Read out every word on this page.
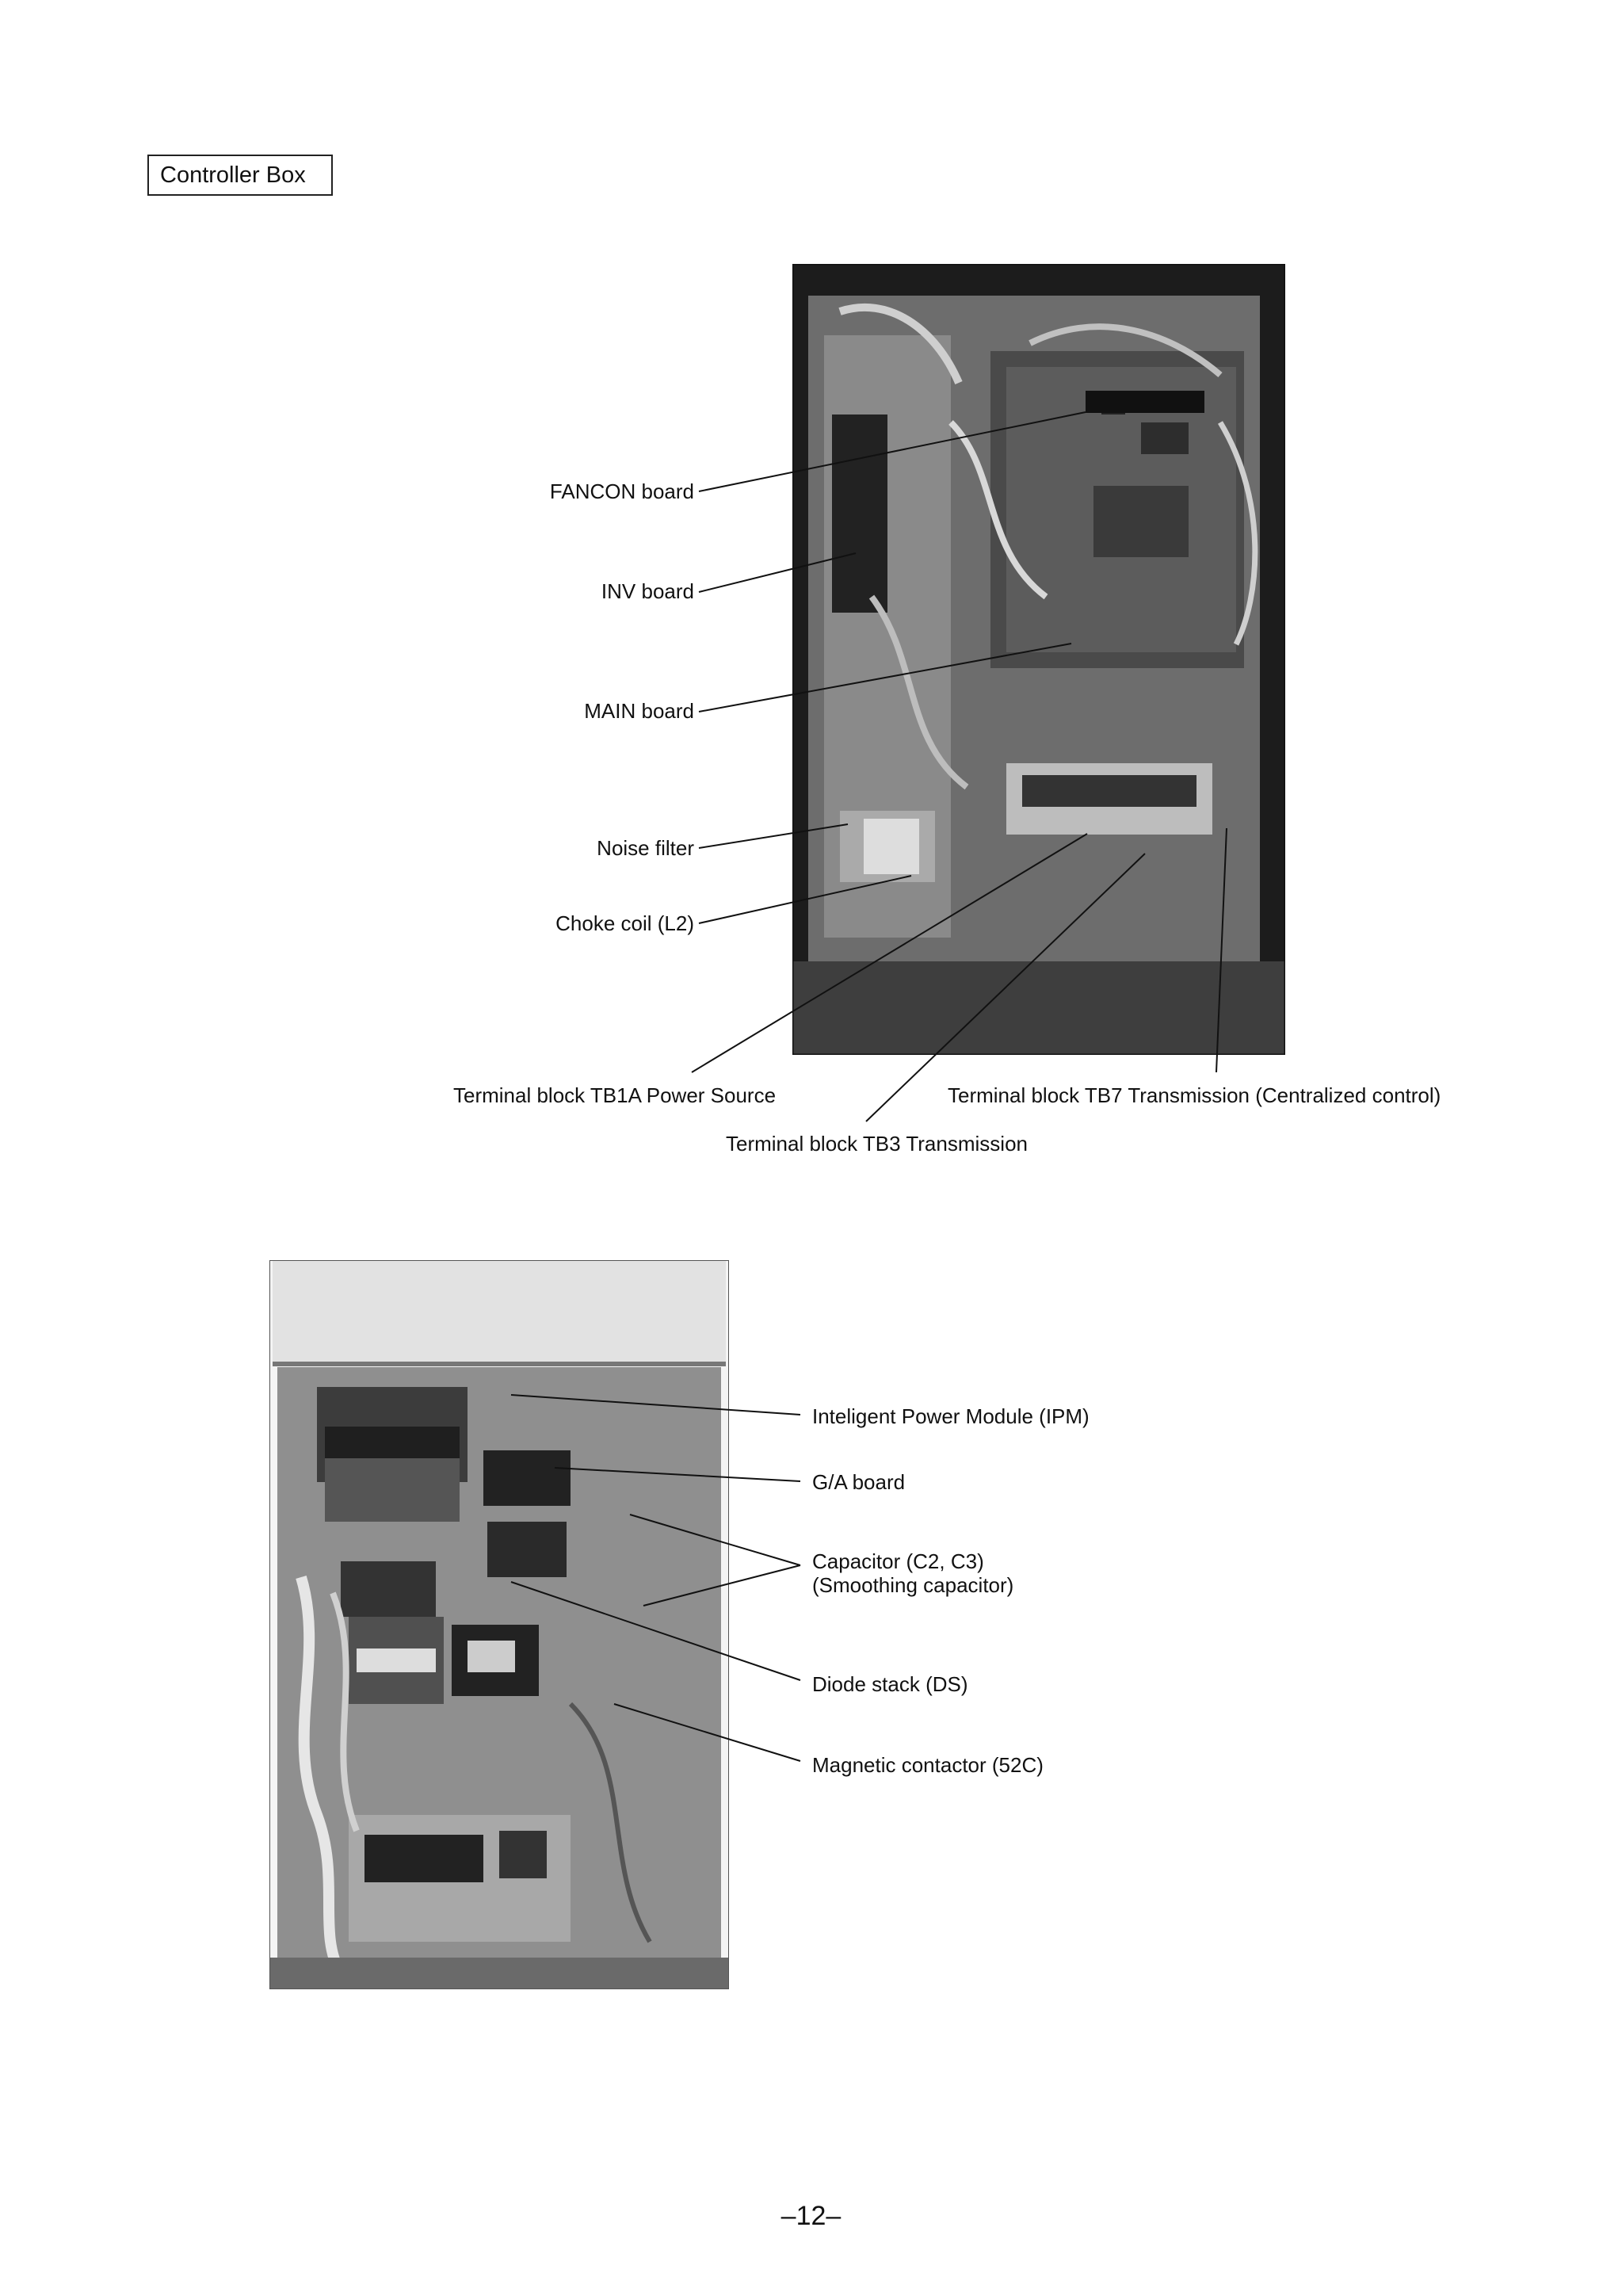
Controller Box
FANCON board
INV board
MAIN board
Noise filter
Choke coil (L2)
Terminal block TB1A Power Source	Terminal block TB7 Transmission (Centralized control)
Terminal block TB3 Transmission
Inteligent Power Module (IPM)
G/A board
Capacitor (C2, C3)
(Smoothing capacitor)
Diode stack (DS)
Magnetic contactor (52C)
–12–
